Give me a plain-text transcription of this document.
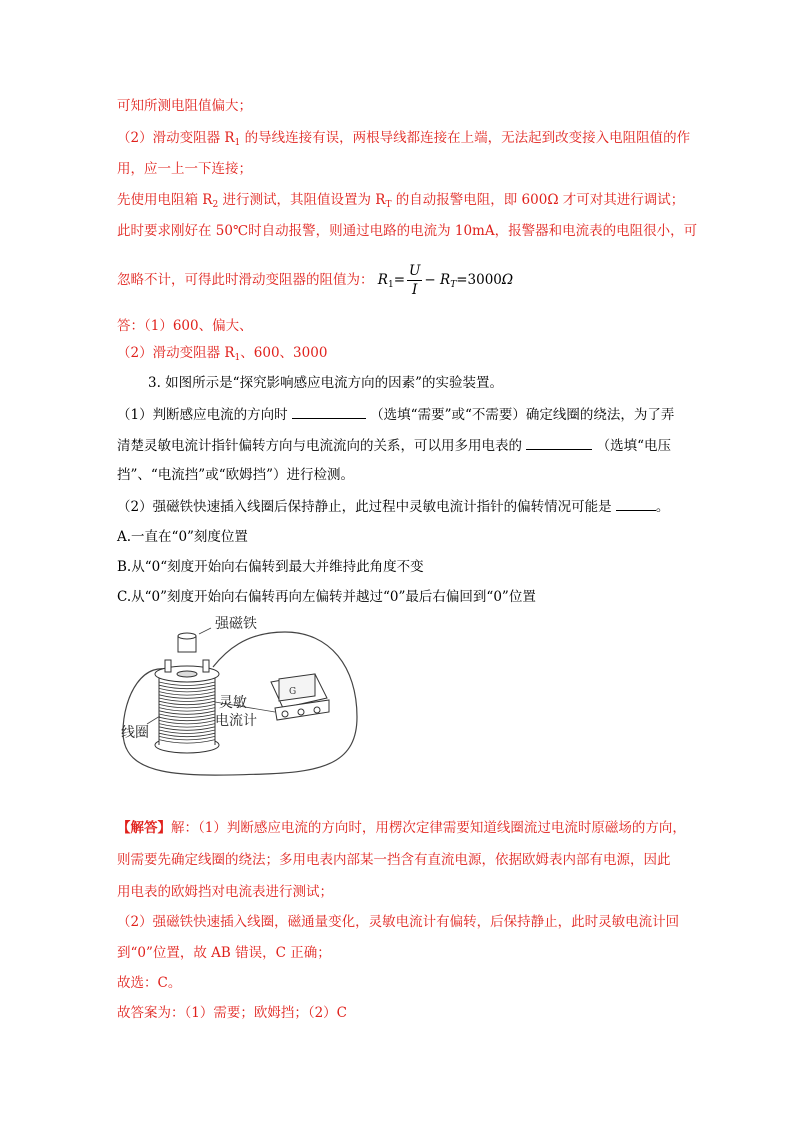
可知所测电阻值偏大；
（2）滑动变阻器 $R_1$ 的导线连接有误，两根导线都连接在上端，无法起到改变接入电阻阻值的作
用，应一上一下连接；
先使用电阻箱 $R_2$ 进行测试，其阻值设置为 $R_T$ 的自动报警电阻，即 600Ω 才可对其进行调试；
此时要求刚好在 50℃时自动报警，则通过电路的电流为 10mA，报警器和电流表的电阻很小，可
忽略不计，可得此时滑动变阻器的阻值为： $R_1= \frac{U}{I} - R_T=3000\Omega$
答：（1）600、偏大、
（2）滑动变阻器 $R_1$、600、3000
3. 如图所示是“探究影响感应电流方向的因素”的实验装置。
（1）判断感应电流的方向时	（选填“需要”或“不需要）确定线圈的绕法，为了弄
清楚灵敏电流计指针偏转方向与电流流向的关系，可以用多用电表的	（选填“电压
挡”、“电流挡”或“欧姆挡”）进行检测。
（2）强磁铁快速插入线圈后保持静止，此过程中灵敏电流计指针的偏转情况可能是	。
A.一直在“0”刻度位置
B.从“0“刻度开始向右偏转到最大并维持此角度不变
C.从“0”刻度开始向右偏转再向左偏转并越过“0”最后右偏回到“0”位置
强磁铁
线圈
G
灵敏
电流计
【解答】解：（1）判断感应电流的方向时，用楞次定律需要知道线圈流过电流时原磁场的方向，
则需要先确定线圈的绕法；多用电表内部某一挡含有直流电源，依据欧姆表内部有电源，因此
用电表的欧姆挡对电流表进行测试；
（2）强磁铁快速插入线圈，磁通量变化，灵敏电流计有偏转，后保持静止，此时灵敏电流计回
到“0”位置，故 AB 错误，C 正确；
故选：C。
故答案为：（1）需要；欧姆挡；（2）C
